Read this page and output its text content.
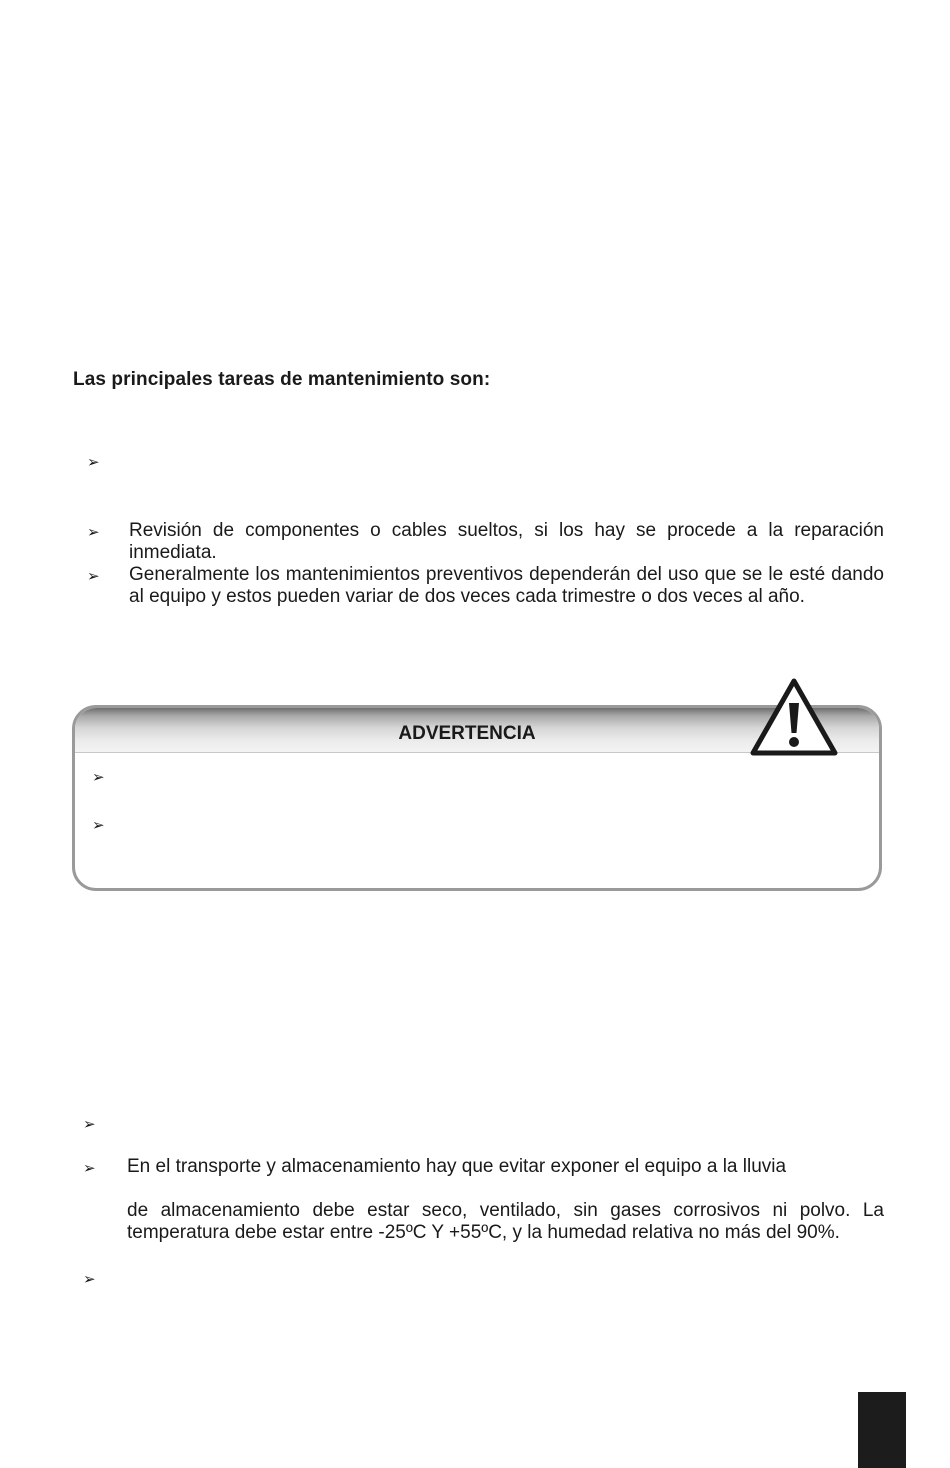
Las principales tareas de mantenimiento son:
➢
➢ Revisión de componentes o cables sueltos, si los hay se procede a la reparación inmediata.
➢ Generalmente los mantenimientos preventivos dependerán del uso que se le esté dando al equipo y estos pueden variar de dos veces cada trimestre o dos veces al año.
ADVERTENCIA
➢
➢
➢
➢ En el transporte y almacenamiento hay que evitar exponer el equipo a la lluvia
de almacenamiento debe estar seco, ventilado, sin gases corrosivos ni polvo. La temperatura debe estar entre -25ºC Y +55ºC, y la humedad relativa no más del 90%.
➢
